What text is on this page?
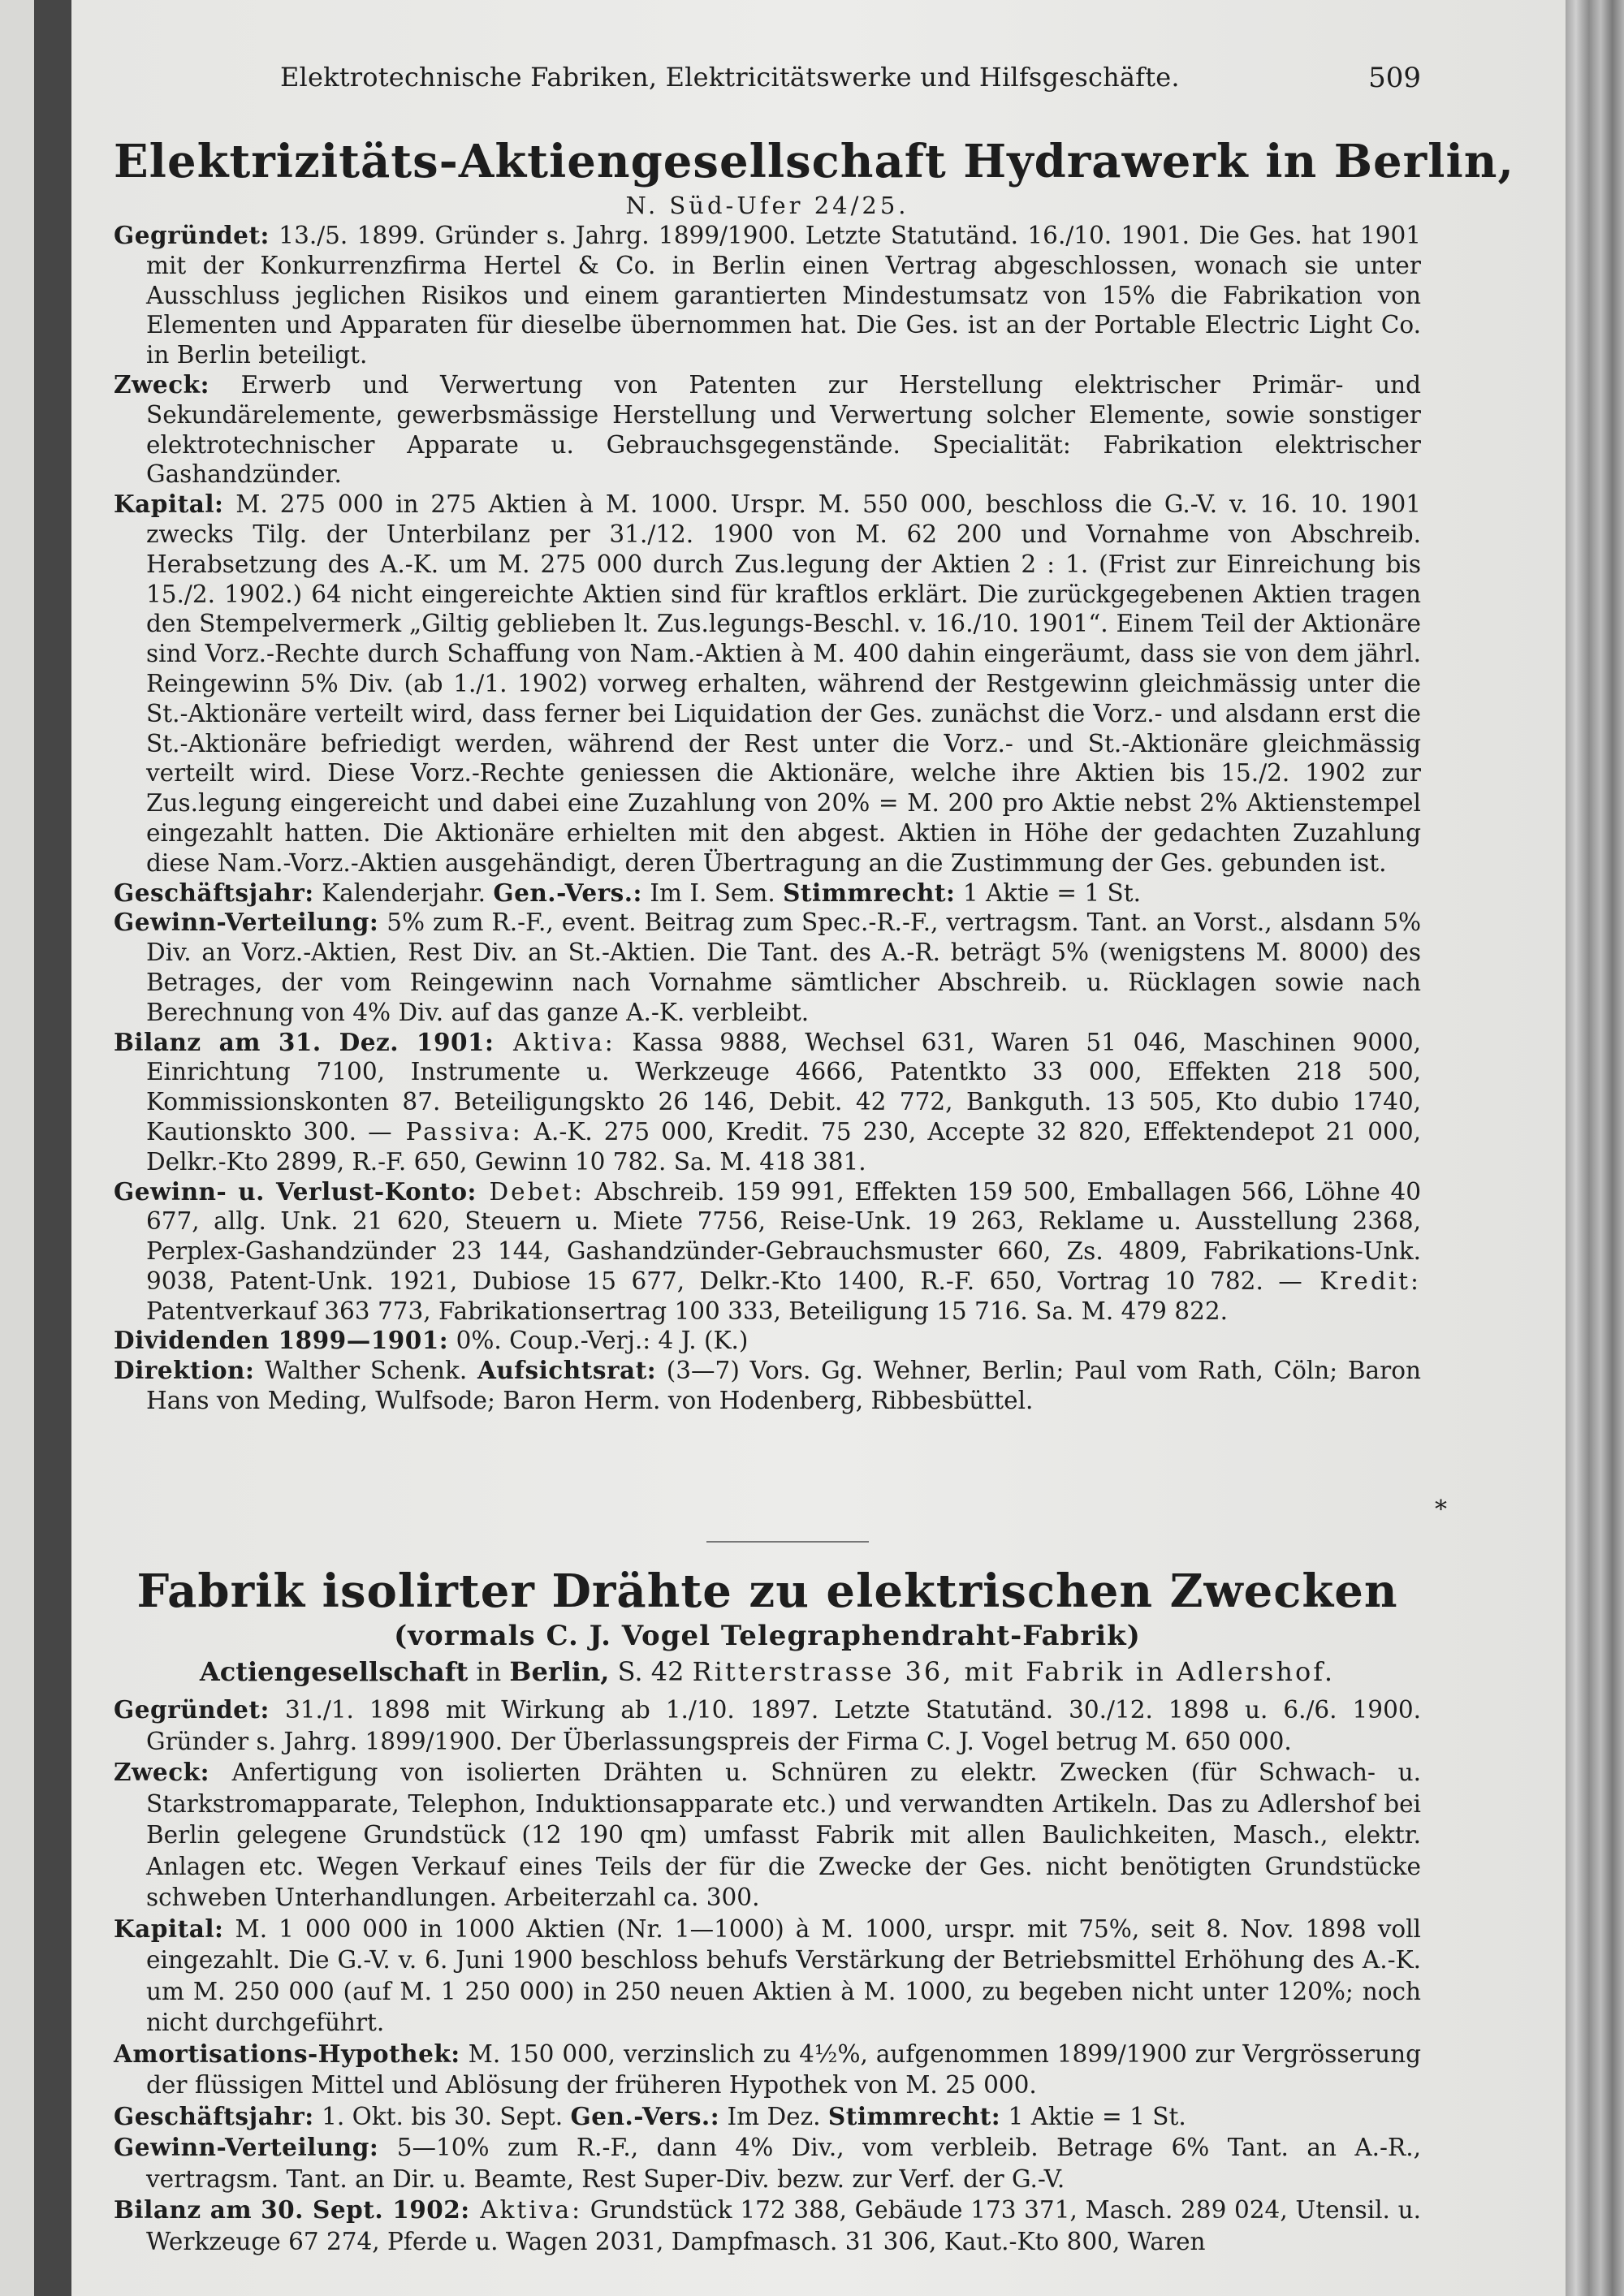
Elektrotechnische Fabriken, Elektricitätswerke und Hilfsgeschäfte.	509
Elektrizitäts-Aktiengesellschaft Hydrawerk in Berlin,
N. Süd-Ufer 24/25.

Gegründet: 13./5. 1899. Gründer s. Jahrg. 1899/1900. Letzte Statutänd. 16./10. 1901. Die Ges. hat 1901 mit der Konkurrenzfirma Hertel & Co. in Berlin einen Vertrag abgeschlossen, wonach sie unter Ausschluss jeglichen Risikos und einem garantierten Mindestumsatz von 15% die Fabrikation von Elementen und Apparaten für dieselbe übernommen hat. Die Ges. ist an der Portable Electric Light Co. in Berlin beteiligt.

Zweck: Erwerb und Verwertung von Patenten zur Herstellung elektrischer Primär- und Sekundärelemente, gewerbsmässige Herstellung und Verwertung solcher Elemente, sowie sonstiger elektrotechnischer Apparate u. Gebrauchsgegenstände. Specialität: Fabrikation elektrischer Gashandzünder.

Kapital: M. 275 000 in 275 Aktien à M. 1000. Urspr. M. 550 000, beschloss die G.-V. v. 16. 10. 1901 zwecks Tilg. der Unterbilanz per 31./12. 1900 von M. 62 200 und Vornahme von Abschreib. Herabsetzung des A.-K. um M. 275 000 durch Zus.legung der Aktien 2 : 1. (Frist zur Einreichung bis 15./2. 1902.) 64 nicht eingereichte Aktien sind für kraftlos erklärt. Die zurückgegebenen Aktien tragen den Stempelvermerk „Giltig geblieben lt. Zus.legungs-Beschl. v. 16./10. 1901“. Einem Teil der Aktionäre sind Vorz.-Rechte durch Schaffung von Nam.-Aktien à M. 400 dahin eingeräumt, dass sie von dem jährl. Reingewinn 5% Div. (ab 1./1. 1902) vorweg erhalten, während der Restgewinn gleichmässig unter die St.-Aktionäre verteilt wird, dass ferner bei Liquidation der Ges. zunächst die Vorz.- und alsdann erst die St.-Aktionäre befriedigt werden, während der Rest unter die Vorz.- und St.-Aktionäre gleichmässig verteilt wird. Diese Vorz.-Rechte geniessen die Aktionäre, welche ihre Aktien bis 15./2. 1902 zur Zus.legung eingereicht und dabei eine Zuzahlung von 20% = M. 200 pro Aktie nebst 2% Aktienstempel eingezahlt hatten. Die Aktionäre erhielten mit den abgest. Aktien in Höhe der gedachten Zuzahlung diese Nam.-Vorz.-Aktien ausgehändigt, deren Übertragung an die Zustimmung der Ges. gebunden ist.

Geschäftsjahr: Kalenderjahr. Gen.-Vers.: Im I. Sem. Stimmrecht: 1 Aktie = 1 St.

Gewinn-Verteilung: 5% zum R.-F., event. Beitrag zum Spec.-R.-F., vertragsm. Tant. an Vorst., alsdann 5% Div. an Vorz.-Aktien, Rest Div. an St.-Aktien. Die Tant. des A.-R. beträgt 5% (wenigstens M. 8000) des Betrages, der vom Reingewinn nach Vornahme sämtlicher Abschreib. u. Rücklagen sowie nach Berechnung von 4% Div. auf das ganze A.-K. verbleibt.

Bilanz am 31. Dez. 1901: Aktiva: Kassa 9888, Wechsel 631, Waren 51 046, Maschinen 9000, Einrichtung 7100, Instrumente u. Werkzeuge 4666, Patentkto 33 000, Effekten 218 500, Kommissionskonten 87. Beteiligungskto 26 146, Debit. 42 772, Bankguth. 13 505, Kto dubio 1740, Kautionskto 300. — Passiva: A.-K. 275 000, Kredit. 75 230, Accepte 32 820, Effektendepot 21 000, Delkr.-Kto 2899, R.-F. 650, Gewinn 10 782. Sa. M. 418 381.

Gewinn- u. Verlust-Konto: Debet: Abschreib. 159 991, Effekten 159 500, Emballagen 566, Löhne 40 677, allg. Unk. 21 620, Steuern u. Miete 7756, Reise-Unk. 19 263, Reklame u. Ausstellung 2368, Perplex-Gashandzünder 23 144, Gashandzünder-Gebrauchsmuster 660, Zs. 4809, Fabrikations-Unk. 9038, Patent-Unk. 1921, Dubiose 15 677, Delkr.-Kto 1400, R.-F. 650, Vortrag 10 782. — Kredit: Patentverkauf 363 773, Fabrikationsertrag 100 333, Beteiligung 15 716. Sa. M. 479 822.

Dividenden 1899—1901: 0%. Coup.-Verj.: 4 J. (K.)

Direktion: Walther Schenk. Aufsichtsrat: (3—7) Vors. Gg. Wehner, Berlin; Paul vom Rath, Cöln; Baron Hans von Meding, Wulfsode; Baron Herm. von Hodenberg, Ribbesbüttel.

*
Fabrik isolirter Drähte zu elektrischen Zwecken
(vormals C. J. Vogel Telegraphendraht-Fabrik)
Actiengesellschaft in Berlin, S. 42 Ritterstrasse 36, mit Fabrik in Adlershof.

Gegründet: 31./1. 1898 mit Wirkung ab 1./10. 1897. Letzte Statutänd. 30./12. 1898 u. 6./6. 1900. Gründer s. Jahrg. 1899/1900. Der Überlassungspreis der Firma C. J. Vogel betrug M. 650 000.

Zweck: Anfertigung von isolierten Drähten u. Schnüren zu elektr. Zwecken (für Schwach- u. Starkstromapparate, Telephon, Induktionsapparate etc.) und verwandten Artikeln. Das zu Adlershof bei Berlin gelegene Grundstück (12 190 qm) umfasst Fabrik mit allen Baulichkeiten, Masch., elektr. Anlagen etc. Wegen Verkauf eines Teils der für die Zwecke der Ges. nicht benötigten Grundstücke schweben Unterhandlungen. Arbeiterzahl ca. 300.

Kapital: M. 1 000 000 in 1000 Aktien (Nr. 1—1000) à M. 1000, urspr. mit 75%, seit 8. Nov. 1898 voll eingezahlt. Die G.-V. v. 6. Juni 1900 beschloss behufs Verstärkung der Betriebsmittel Erhöhung des A.-K. um M. 250 000 (auf M. 1 250 000) in 250 neuen Aktien à M. 1000, zu begeben nicht unter 120%; noch nicht durchgeführt.

Amortisations-Hypothek: M. 150 000, verzinslich zu 4½%, aufgenommen 1899/1900 zur Vergrösserung der flüssigen Mittel und Ablösung der früheren Hypothek von M. 25 000.

Geschäftsjahr: 1. Okt. bis 30. Sept. Gen.-Vers.: Im Dez. Stimmrecht: 1 Aktie = 1 St.

Gewinn-Verteilung: 5—10% zum R.-F., dann 4% Div., vom verbleib. Betrage 6% Tant. an A.-R., vertragsm. Tant. an Dir. u. Beamte, Rest Super-Div. bezw. zur Verf. der G.-V.

Bilanz am 30. Sept. 1902: Aktiva: Grundstück 172 388, Gebäude 173 371, Masch. 289 024, Utensil. u. Werkzeuge 67 274, Pferde u. Wagen 2031, Dampfmasch. 31 306, Kaut.-Kto 800, Waren
